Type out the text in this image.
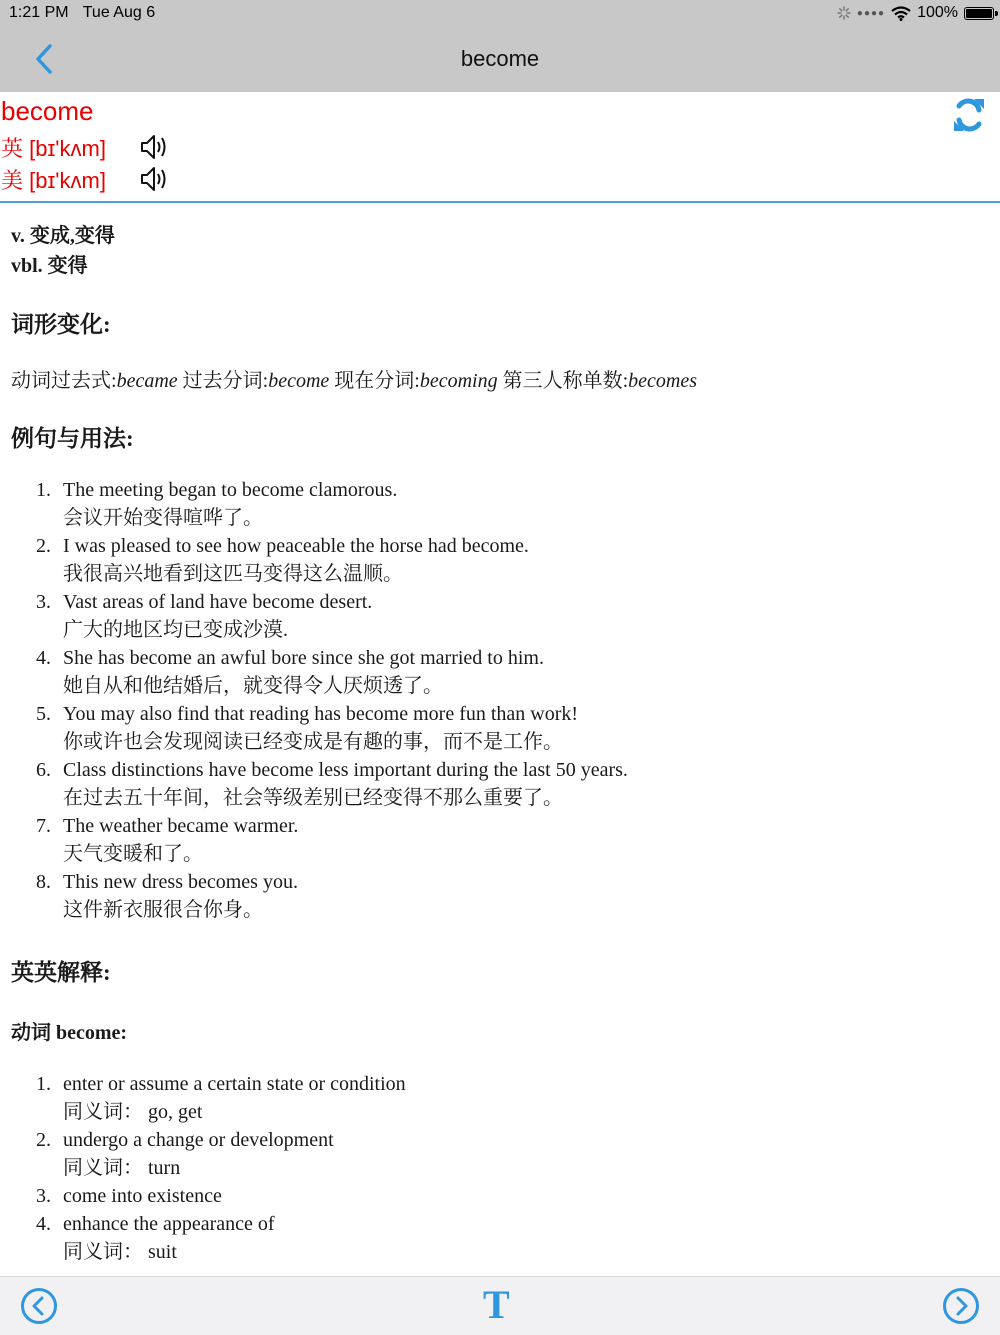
1:21 PM Tue Aug 6	●●●● 100%
become
become
英 [bɪ'kʌm]
美 [bɪ'kʌm]
v. 变成,变得
vbl. 变得
词形变化:
动词过去式:became 过去分词:become 现在分词:becoming 第三人称单数:becomes
例句与用法:
1. The meeting began to become clamorous.
会议开始变得喧哗了。
2. I was pleased to see how peaceable the horse had become.
我很高兴地看到这匹马变得这么温顺。
3. Vast areas of land have become desert.
广大的地区均已变成沙漠.
4. She has become an awful bore since she got married to him.
她自从和他结婚后，就变得令人厌烦透了。
5. You may also find that reading has become more fun than work!
你或许也会发现阅读已经变成是有趣的事，而不是工作。
6. Class distinctions have become less important during the last 50 years.
在过去五十年间，社会等级差别已经变得不那么重要了。
7. The weather became warmer.
天气变暖和了。
8. This new dress becomes you.
这件新衣服很合你身。
英英解释:
动词 become:
1. enter or assume a certain state or condition
同义词： go, get
2. undergo a change or development
同义词： turn
3. come into existence
4. enhance the appearance of
同义词： suit
T
